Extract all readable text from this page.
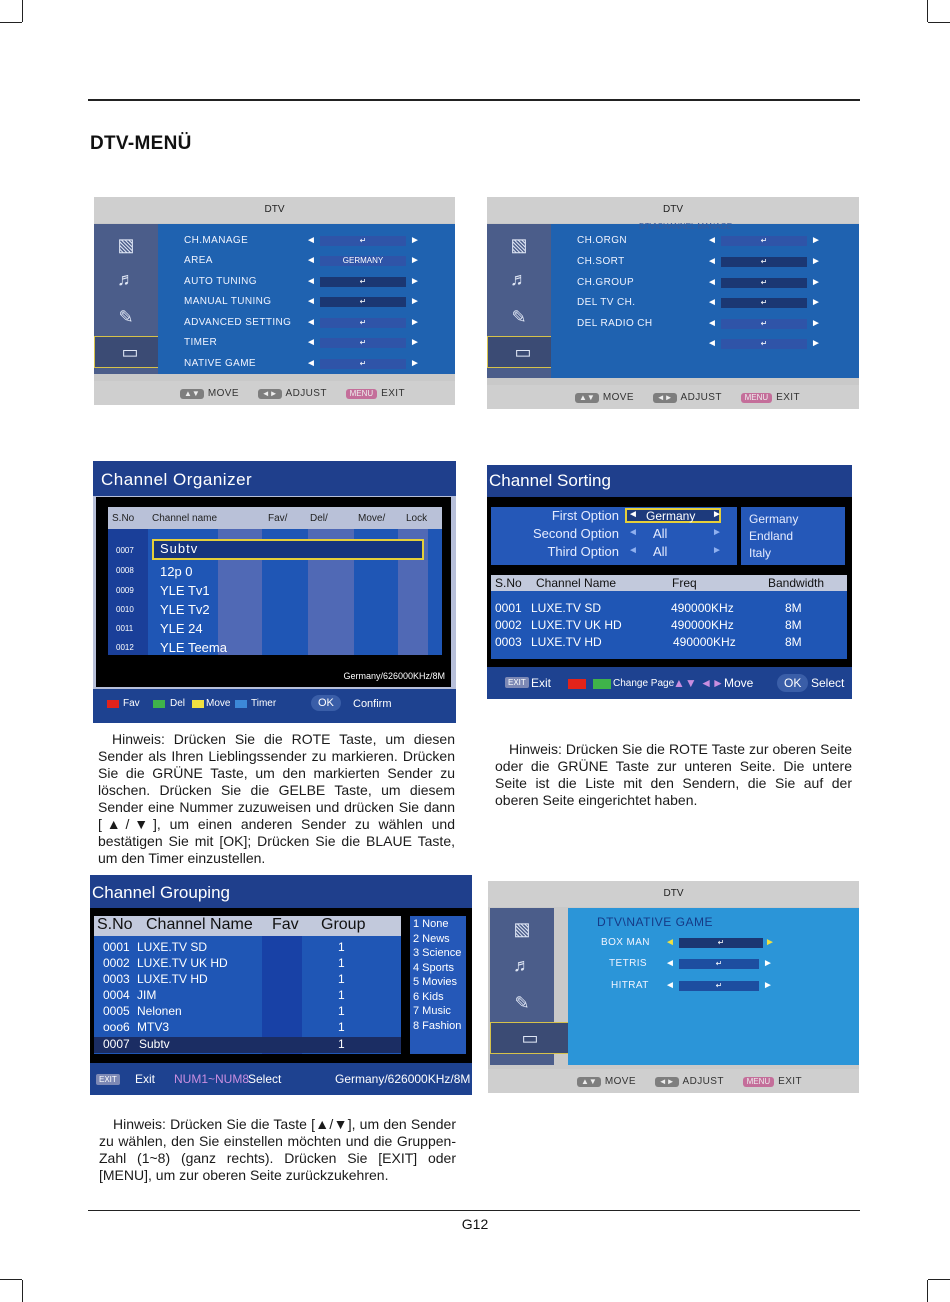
DTV-MENÜ
DTV
▧
♬
✎
▭
CH.MANAGE	◄	↵	►
AREA	◄	GERMANY	►
AUTO TUNING	◄	↵	►
MANUAL TUNING	◄	↵	►
ADVANCED SETTING ◄	↵	►
TIMER	◄	↵	►
NATIVE GAME	◄	↵	►
▲▼ MOVE	◄► ADJUST	MENU EXIT
DTV
▧
♬
✎
▭
DTV\CHANNEL MANAGE
CH.ORGN	◄	↵	►
CH.SORT	◄	↵	►
CH.GROUP	◄	↵	►
DEL TV CH.	◄	↵	►
DEL RADIO CH	◄	↵	►
◄	↵	►
▲▼ MOVE	◄► ADJUST	MENU EXIT
Channel Organizer
S.No Channel name	Fav/ Del/	Move/ Lock
0007 Subtv
0008 12p 0
0009 YLE Tv1
0010 YLE Tv2
0011 YLE 24
0012 YLE Teema
Germany/626000KHz/8M
Fav	Del Move Timer	OK	Confirm
Channel Sorting
First Option ◄ Germany ►
Second Option ◄ All	►
Third Option ◄ All	►
Germany
Endland
Italy
S.No Channel Name	Freq	Bandwidth
0001 LUXE.TV SD	490000KHz	8M
0002 LUXE.TV UK HD	490000KHz	8M
0003 LUXE.TV HD	490000KHz	8M
EXIT Exit	Change Page
▲▼ ◄► Move	OK Select

Hinweis: Drücken Sie die ROTE Taste, um diesen Sender als Ihren Lieblingssender zu markieren. Drücken Sie die GRÜNE Taste, um den markierten Sender zu löschen. Drücken Sie die GELBE Taste, um diesem Sender eine Nummer zuzuweisen und drücken Sie dann [▲/▼], um einen anderen Sender zu wählen und bestätigen Sie mit [OK]; Drücken Sie die BLAUE Taste, um den Timer einzustellen.

Hinweis: Drücken Sie die ROTE Taste zur oberen Seite oder die GRÜNE Taste zur unteren Seite. Die untere Seite ist die Liste mit den Sendern, die Sie auf der oberen Seite eingerichtet haben.

Channel Grouping
S.No Channel Name Fav Group
0001 LUXE.TV SD	1
0002 LUXE.TV UK HD	1
0003 LUXE.TV HD	1
0004 JIM	1
0005 Nelonen	1
ooo6 MTV3	1
0007 Subtv	1
1 None
2 News
3 Science
4 Sports
5 Movies
6 Kids
7 Music
8 Fashion
EXIT Exit NUM1~NUM8
Select	Germany/626000KHz/8M
DTV
▧
♬
✎
▭
DTV\NATIVE GAME
BOX MAN ◄	↵	►
TETRIS ◄	↵	►
HITRAT ◄	↵	►
▲▼ MOVE	◄► ADJUST	MENU EXIT

Hinweis: Drücken Sie die Taste [▲/▼], um den Sender zu wählen, den Sie einstellen möchten und die Gruppen-Zahl (1~8) (ganz rechts). Drücken Sie [EXIT] oder [MENU], um zur oberen Seite zurückzukehren.

G12
